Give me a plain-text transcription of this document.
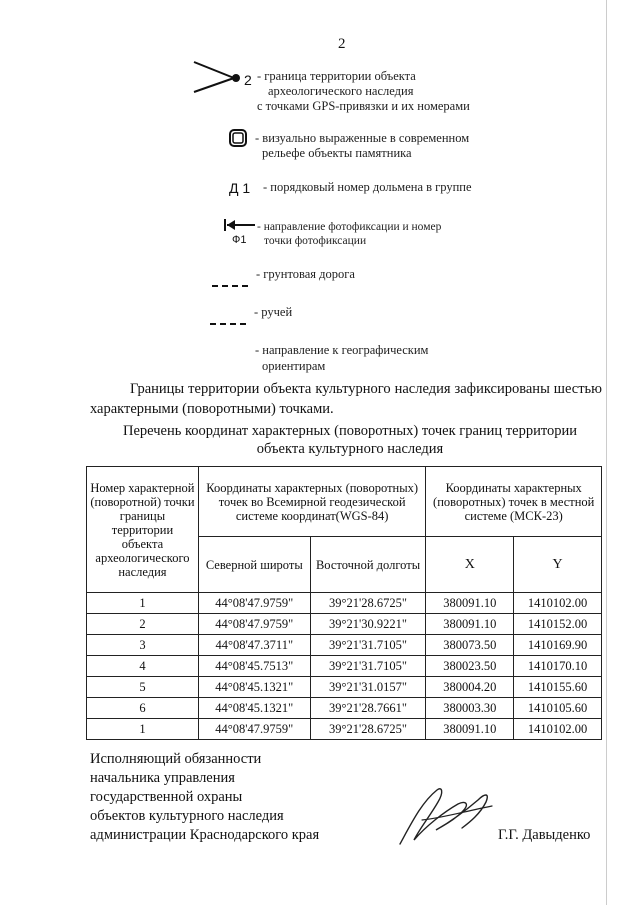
2
2 - граница территории объекта
археологического наследия
с точками GPS-привязки и их номерами
- визуально выраженные в современном
рельефе объекты памятника
Д 1 - порядковый номер дольмена в группе
Ф1
- направление фотофиксации и номер
точки фотофиксации
- грунтовая дорога
- ручей
- направление к географическим
ориентирам
Границы территории объекта культурного наследия зафиксированы шестью характерными (поворотными) точками.
Перечень координат характерных (поворотных) точек границ территории
объекта культурного наследия
Номер характерной (поворотной) точки границы территории объекта археологического наследия	Координаты характерных (поворотных) точек во Всемирной геодезической системе координат(WGS-84)		Координаты характерных (поворотных) точек в местной системе (МСК-23)	
	Северной широты	Восточной долготы	X	Y
1	44°08'47.9759"	39°21'28.6725"	380091.10	1410102.00
2	44°08'47.9759"	39°21'30.9221"	380091.10	1410152.00
3	44°08'47.3711"	39°21'31.7105"	380073.50	1410169.90
4	44°08'45.7513"	39°21'31.7105"	380023.50	1410170.10
5	44°08'45.1321"	39°21'31.0157"	380004.20	1410155.60
6	44°08'45.1321"	39°21'28.7661"	380003.30	1410105.60
1	44°08'47.9759"	39°21'28.6725"	380091.10	1410102.00
Исполняющий обязанности
начальника управления
государственной охраны
объектов культурного наследия
администрации Краснодарского края	Г.Г. Давыденко
